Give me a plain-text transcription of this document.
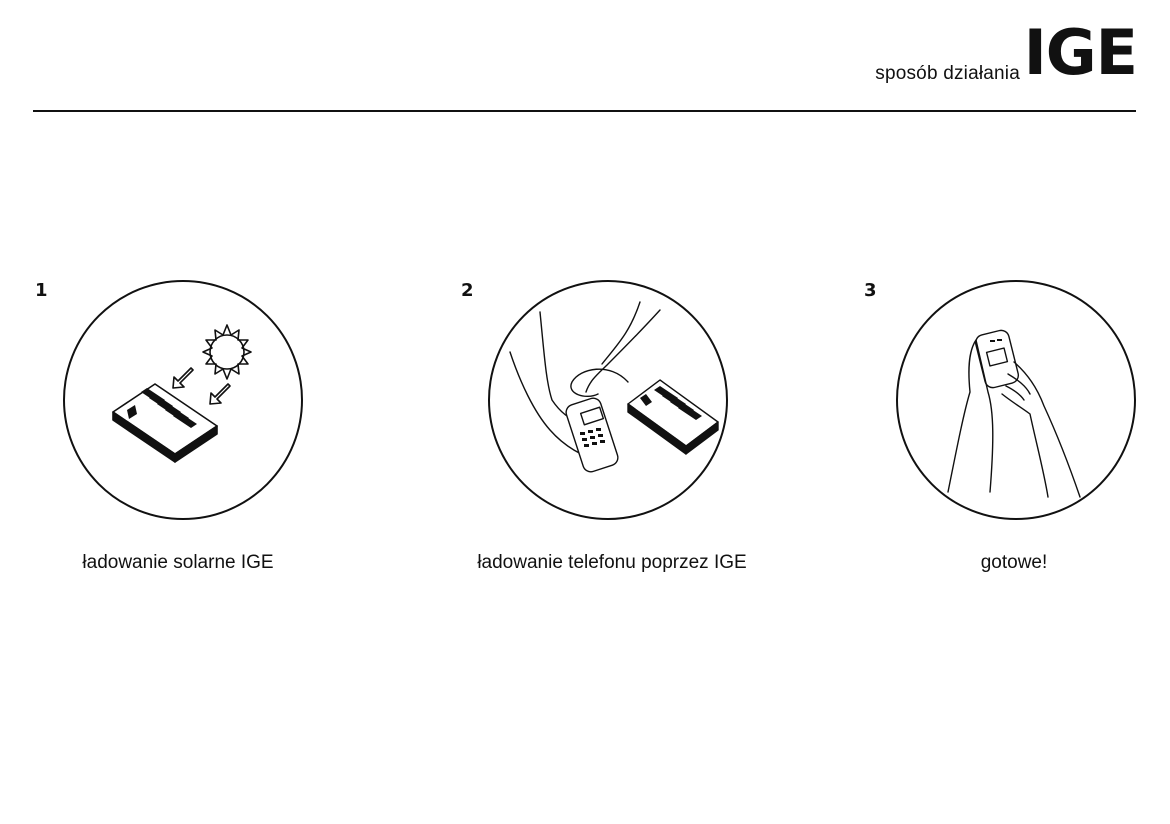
sposób działania IGE
1
ładowanie solarne IGE
2
ładowanie telefonu poprzez IGE
3
gotowe!
